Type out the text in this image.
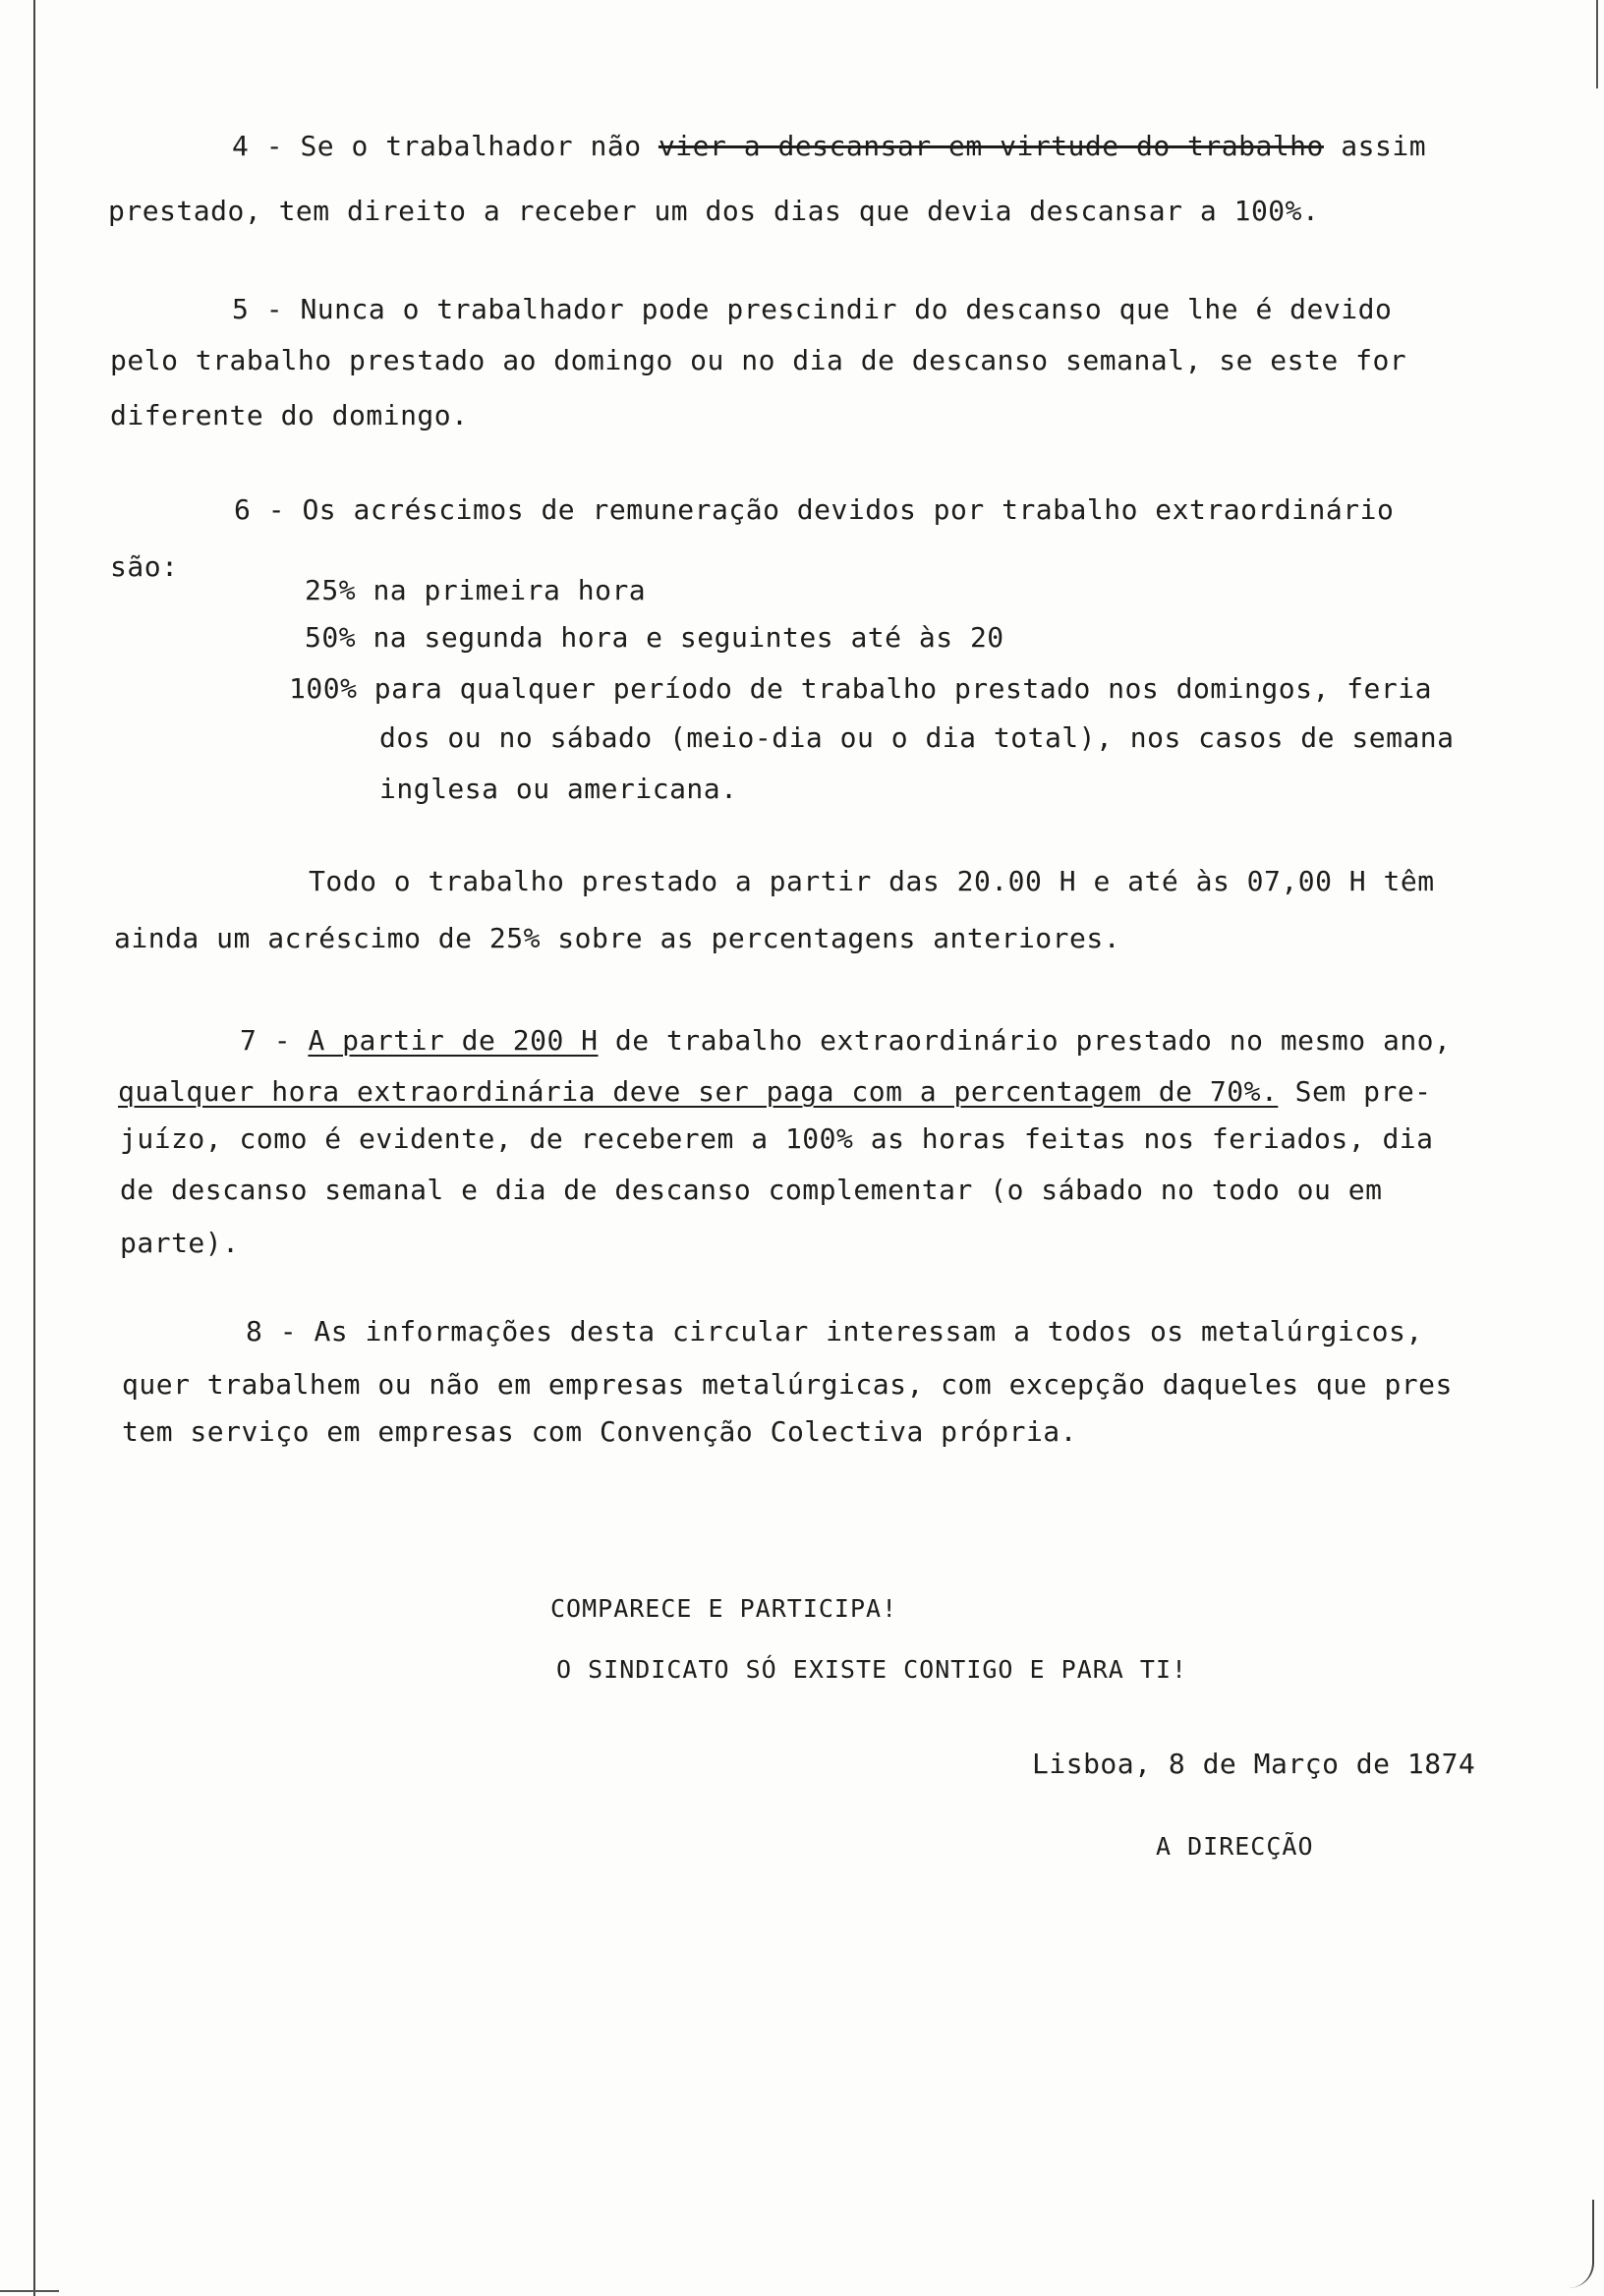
4 - Se o trabalhador não vier a descansar em virtude do trabalho assim
prestado, tem direito a receber um dos dias que devia descansar a 100%.
5 - Nunca o trabalhador pode prescindir do descanso que lhe é devido
pelo trabalho prestado ao domingo ou no dia de descanso semanal, se este for
diferente do domingo.
6 - Os acréscimos de remuneração devidos por trabalho extraordinário
são:
25% na primeira hora
50% na segunda hora e seguintes até às 20
100% para qualquer período de trabalho prestado nos domingos, feria
dos ou no sábado (meio-dia ou o dia total), nos casos de semana
inglesa ou americana.
Todo o trabalho prestado a partir das 20.00 H e até às 07,00 H têm
ainda um acréscimo de 25% sobre as percentagens anteriores.
7 - A partir de 200 H de trabalho extraordinário prestado no mesmo ano,
qualquer hora extraordinária deve ser paga com a percentagem de 70%. Sem pre-
juízo, como é evidente, de receberem a 100% as horas feitas nos feriados, dia
de descanso semanal e dia de descanso complementar (o sábado no todo ou em
parte).
8 - As informações desta circular interessam a todos os metalúrgicos,
quer trabalhem ou não em empresas metalúrgicas, com excepção daqueles que pres
tem serviço em empresas com Convenção Colectiva própria.
COMPARECE E PARTICIPA!
O SINDICATO SÓ EXISTE CONTIGO E PARA TI!
Lisboa, 8 de Março de 1874
A DIRECÇÃO
